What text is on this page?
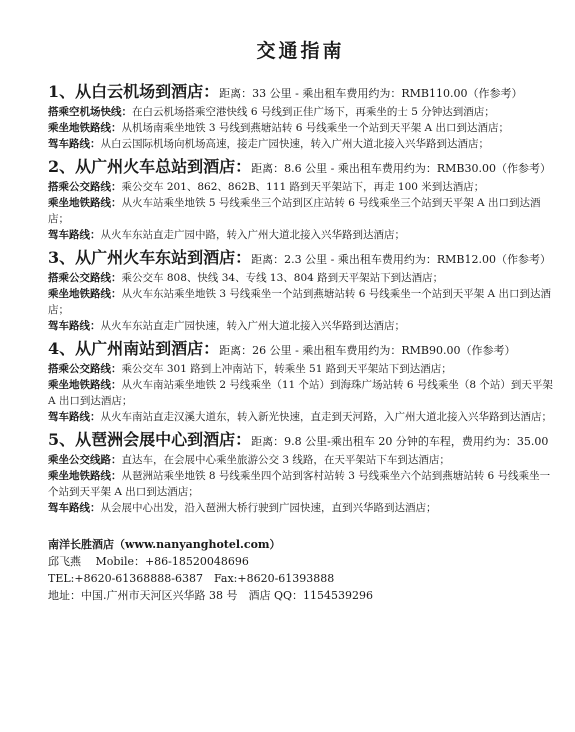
交通指南
1、从白云机场到酒店：距离：33 公里 - 乘出租车费用约为：RMB110.00（作参考）
搭乘空机场快线：在白云机场搭乘空港快线 6 号线到正佳广场下，再乘坐的士 5 分钟达到酒店；
乘坐地铁路线：从机场南乘坐地铁 3 号线到燕塘站转 6 号线乘坐一个站到天平架 A 出口到达酒店；
驾车路线：从白云国际机场向机场高速，接走广园快速，转入广州大道北接入兴华路到达酒店；
2、从广州火车总站到酒店：距离：8.6 公里 - 乘出租车费用约为：RMB30.00（作参考）
搭乘公交路线：乘公交车 201、862、862B、111 路到天平架站下，再走 100 米到达酒店；
乘坐地铁路线：从火车站乘坐地铁 5 号线乘坐三个站到区庄站转 6 号线乘坐三个站到天平架 A 出口到达酒店；
驾车路线：从火车东站直走广园中路，转入广州大道北接入兴华路到达酒店；
3、从广州火车东站到酒店：距离：2.3 公里 - 乘出租车费用约为：RMB12.00（作参考）
搭乘公交路线：乘公交车 808、快线 34、专线 13、804 路到天平架站下到达酒店；
乘坐地铁路线：从火车东站乘坐地铁 3 号线乘坐一个站到燕塘站转 6 号线乘坐一个站到天平架 A 出口到达酒店；
驾车路线：从火车东站直走广园快速，转入广州大道北接入兴华路到达酒店；
4、从广州南站到酒店：距离：26 公里 - 乘出租车费用约为：RMB90.00（作参考）
搭乘公交路线：乘公交车 301 路到上冲南站下，转乘坐 51 路到天平架站下到达酒店；
乘坐地铁路线：从火车南站乘坐地铁 2 号线乘坐（11 个站）到海珠广场站转 6 号线乘坐（8 个站）到天平架 A 出口到达酒店；
驾车路线：从火车南站直走汉溪大道东，转入新光快速，直走到天河路，入广州大道北接入兴华路到达酒店；
5、从琶洲会展中心到酒店：距离：9.8 公里-乘出租车 20 分钟的车程，费用约为：35.00
乘坐公交线路：直达车，在会展中心乘坐旅游公交 3 线路，在天平架站下车到达酒店；
乘坐地铁路线：从琶洲站乘坐地铁 8 号线乘坐四个站到客村站转 3 号线乘坐六个站到燕塘站转 6 号线乘坐一个站到天平架 A 出口到达酒店；
驾车路线：从会展中心出发，沿入琶洲大桥行驶到广园快速，直到兴华路到达酒店；
南洋长胜酒店（www.nanyanghotel.com）
邱飞燕　 Mobile：+86-18520048696
TEL:+8620-61368888-6387　Fax:+8620-61393888
地址：中国.广州市天河区兴华路 38 号　酒店 QQ：1154539296
